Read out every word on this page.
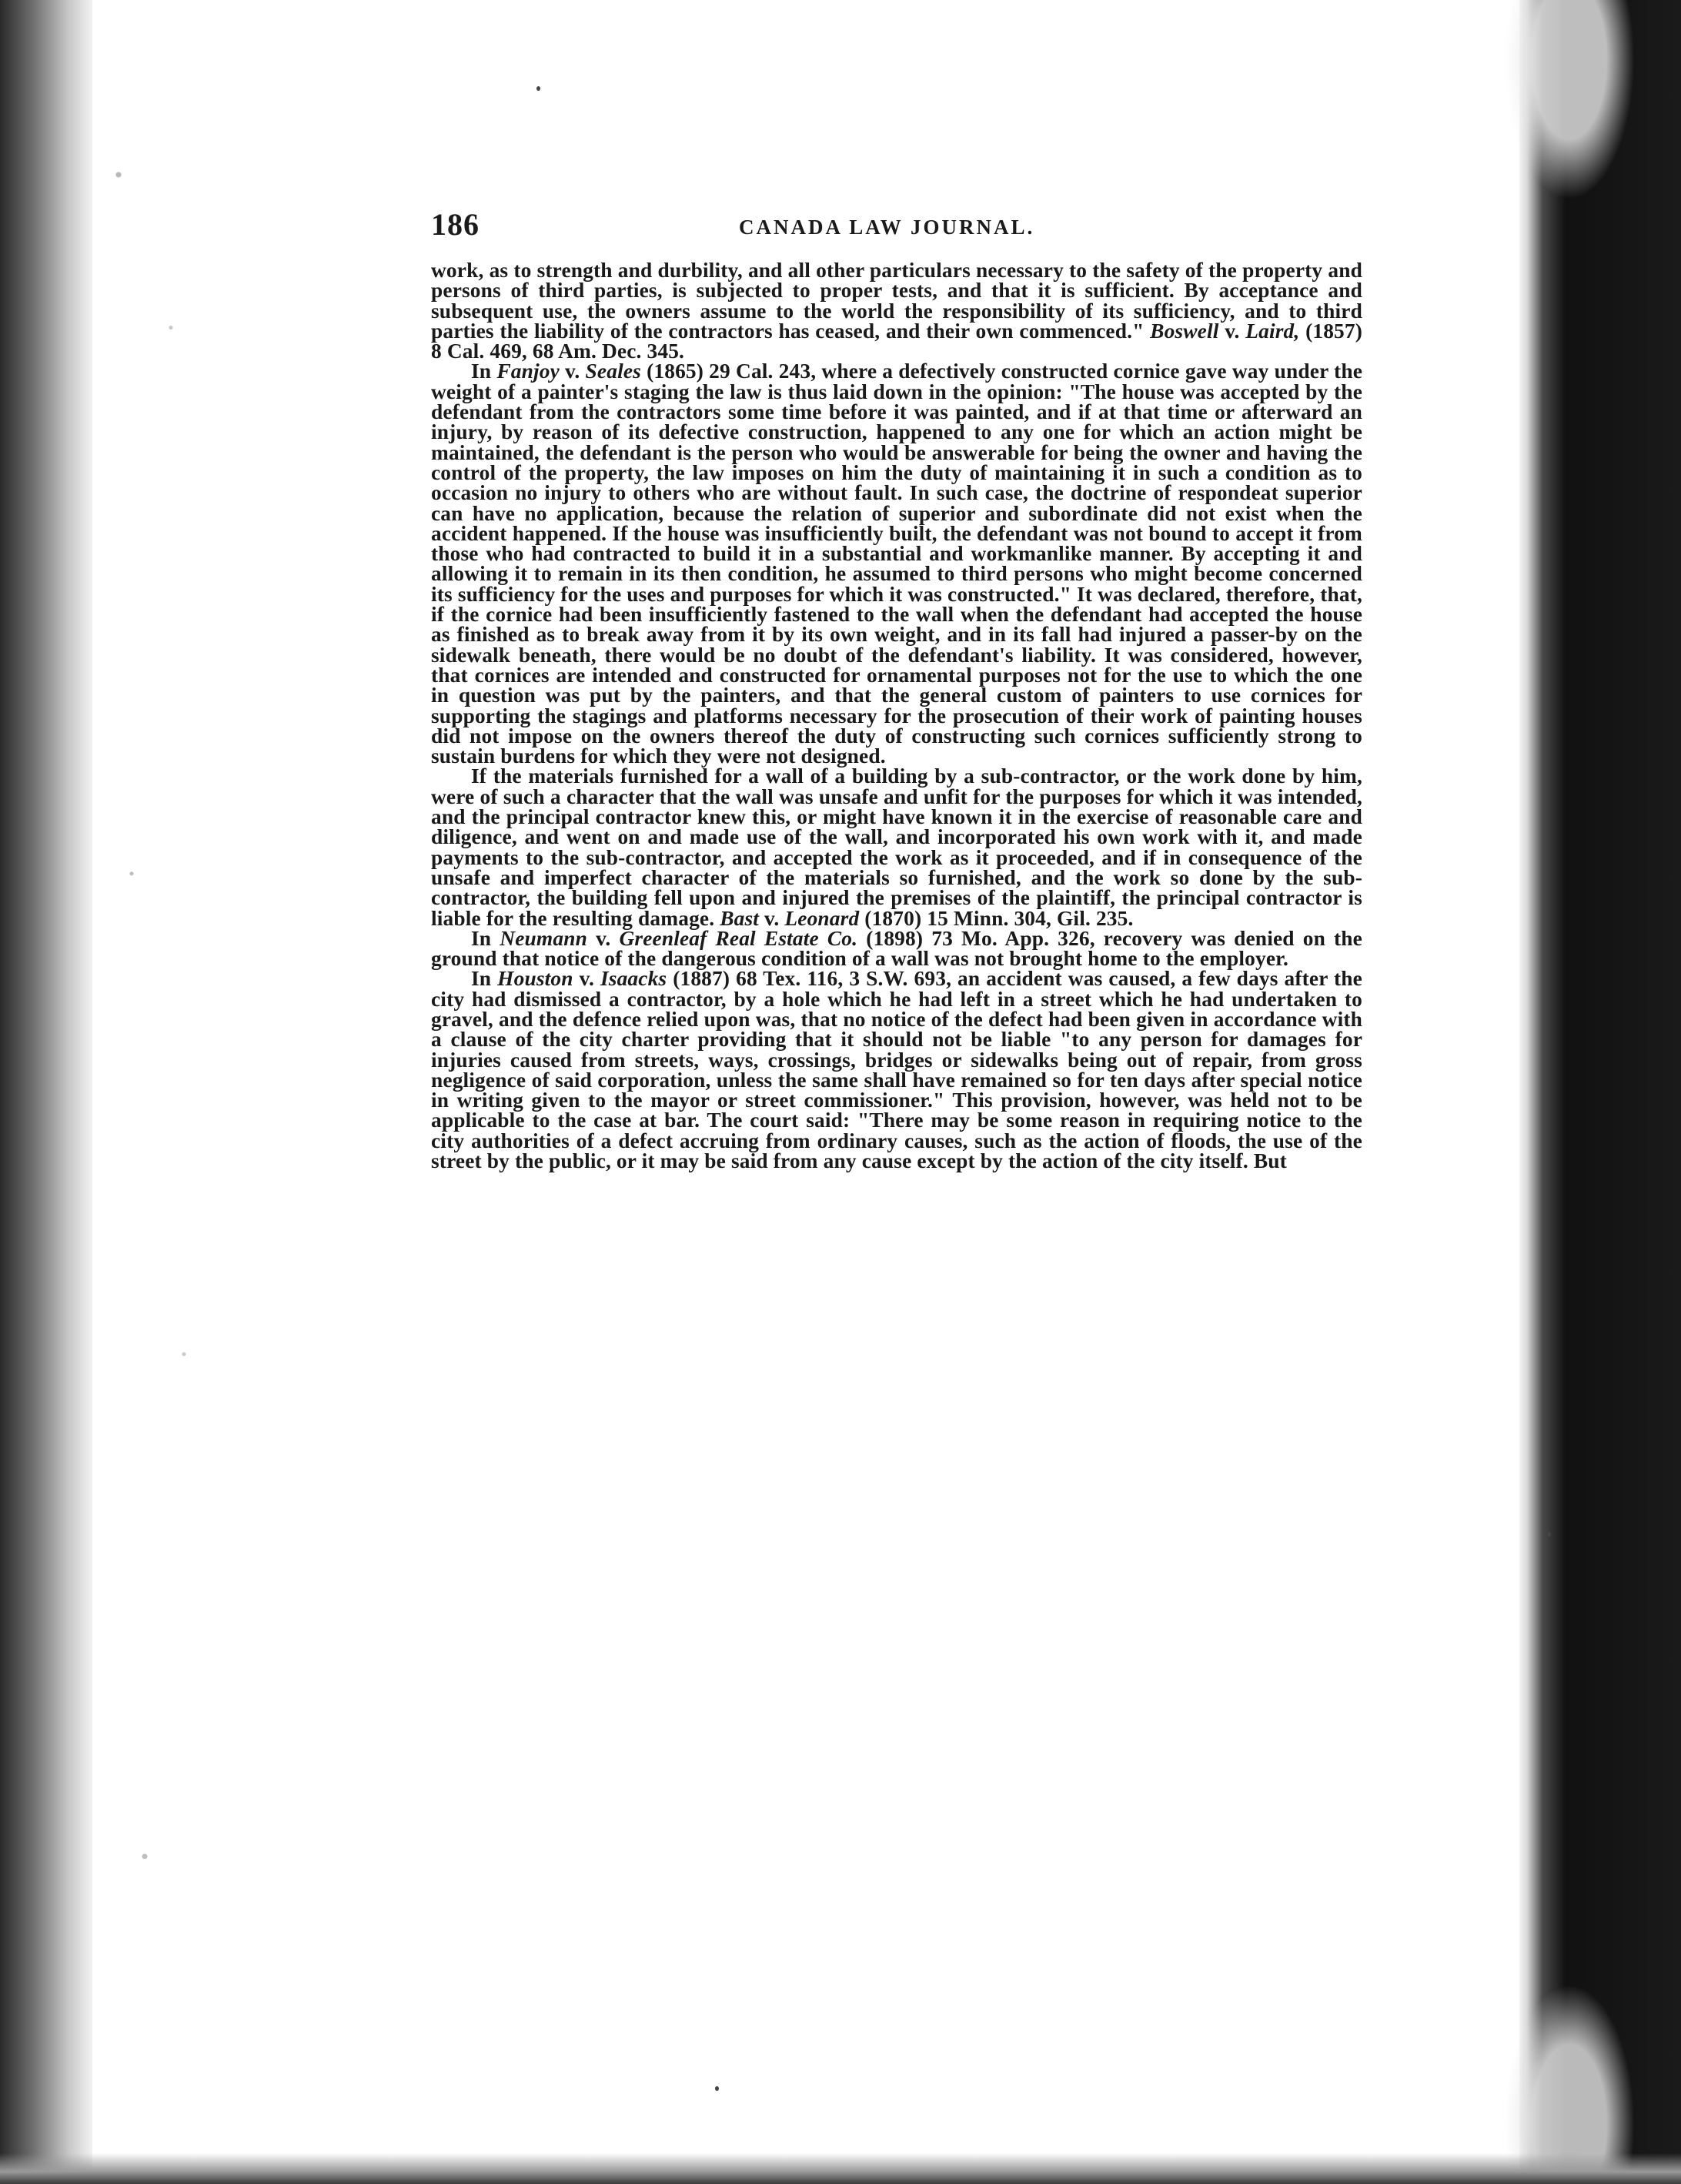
186	CANADA LAW JOURNAL.

work, as to strength and durbility, and all other particulars necessary to the safety of the property and persons of third parties, is subjected to proper tests, and that it is sufficient. By acceptance and subsequent use, the owners assume to the world the responsibility of its sufficiency, and to third parties the liability of the contractors has ceased, and their own commenced." Boswell v. Laird, (1857) 8 Cal. 469, 68 Am. Dec. 345.

In Fanjoy v. Seales (1865) 29 Cal. 243, where a defectively constructed cornice gave way under the weight of a painter's staging the law is thus laid down in the opinion: "The house was accepted by the defendant from the contractors some time before it was painted, and if at that time or afterward an injury, by reason of its defective construction, happened to any one for which an action might be maintained, the defendant is the person who would be answerable for being the owner and having the control of the property, the law imposes on him the duty of maintaining it in such a condition as to occasion no injury to others who are without fault. In such case, the doctrine of respondeat superior can have no application, because the relation of superior and subordinate did not exist when the accident happened. If the house was insufficiently built, the defendant was not bound to accept it from those who had contracted to build it in a substantial and workmanlike manner. By accepting it and allowing it to remain in its then condition, he assumed to third persons who might become concerned its sufficiency for the uses and purposes for which it was constructed." It was declared, therefore, that, if the cornice had been insufficiently fastened to the wall when the defendant had accepted the house as finished as to break away from it by its own weight, and in its fall had injured a passer-by on the sidewalk beneath, there would be no doubt of the defendant's liability. It was considered, however, that cornices are intended and constructed for ornamental purposes not for the use to which the one in question was put by the painters, and that the general custom of painters to use cornices for supporting the stagings and platforms necessary for the prosecution of their work of painting houses did not impose on the owners thereof the duty of constructing such cornices sufficiently strong to sustain burdens for which they were not designed.

If the materials furnished for a wall of a building by a sub-contractor, or the work done by him, were of such a character that the wall was unsafe and unfit for the purposes for which it was intended, and the principal contractor knew this, or might have known it in the exercise of reasonable care and diligence, and went on and made use of the wall, and incorporated his own work with it, and made payments to the sub-contractor, and accepted the work as it proceeded, and if in consequence of the unsafe and imperfect character of the materials so furnished, and the work so done by the sub-contractor, the building fell upon and injured the premises of the plaintiff, the principal contractor is liable for the resulting damage. Bast v. Leonard (1870) 15 Minn. 304, Gil. 235.

In Neumann v. Greenleaf Real Estate Co. (1898) 73 Mo. App. 326, recovery was denied on the ground that notice of the dangerous condition of a wall was not brought home to the employer.

In Houston v. Isaacks (1887) 68 Tex. 116, 3 S.W. 693, an accident was caused, a few days after the city had dismissed a contractor, by a hole which he had left in a street which he had undertaken to gravel, and the defence relied upon was, that no notice of the defect had been given in accordance with a clause of the city charter providing that it should not be liable "to any person for damages for injuries caused from streets, ways, crossings, bridges or sidewalks being out of repair, from gross negligence of said corporation, unless the same shall have remained so for ten days after special notice in writing given to the mayor or street commissioner." This provision, however, was held not to be applicable to the case at bar. The court said: "There may be some reason in requiring notice to the city authorities of a defect accruing from ordinary causes, such as the action of floods, the use of the street by the public, or it may be said from any cause except by the action of the city itself. But
